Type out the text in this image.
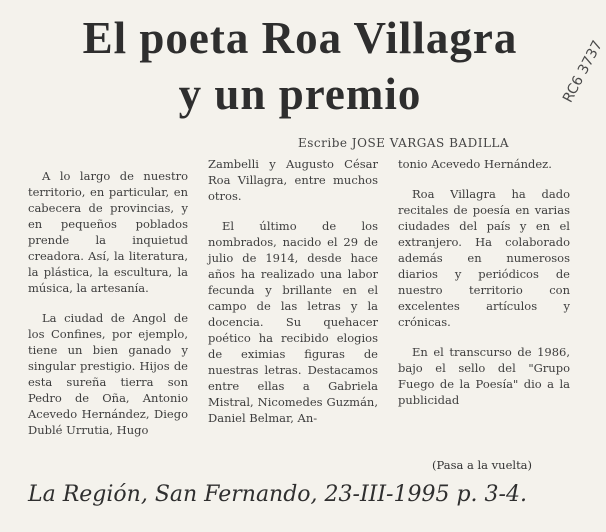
El poeta Roa Villagra
y un premio	RC6 3737
Escribe JOSE VARGAS BADILLA

A lo largo de nuestro territorio, en particular, en cabecera de provincias, y en pequeños poblados prende la inquietud creadora. Así, la literatura, la plástica, la escultura, la música, la artesanía.

La ciudad de Angol de los Confines, por ejemplo, tiene un bien ganado y singular prestigio. Hijos de esta sureña tierra son Pedro de Oña, Antonio Acevedo Hernández, Diego Dublé Urrutia, Hugo

Zambelli y Augusto César Roa Villagra, entre muchos otros.

El último de los nombrados, nacido el 29 de julio de 1914, desde hace años ha realizado una labor fecunda y brillante en el campo de las letras y la docencia. Su quehacer poético ha recibido elogios de eximias figuras de nuestras letras. Destacamos entre ellas a Gabriela Mistral, Nicomedes Guzmán, Daniel Belmar, An-

tonio Acevedo Hernández.

Roa Villagra ha dado recitales de poesía en varias ciudades del país y en el extranjero. Ha colaborado además en numerosos diarios y periódicos de nuestro territorio con excelentes artículos y crónicas.

En el transcurso de 1986, bajo el sello del "Grupo Fuego de la Poesía" dio a la publicidad

(Pasa a la vuelta)
La Región, San Fernando, 23-III-1995 p. 3-4.
